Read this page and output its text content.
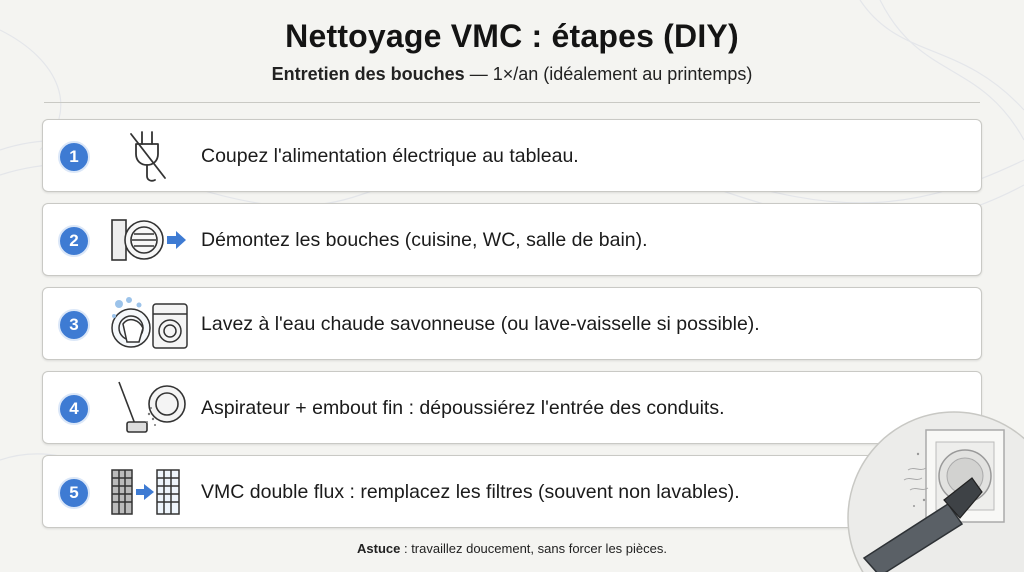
Nettoyage VMC : étapes (DIY)
Entretien des bouches — 1×/an (idéalement au printemps)
1	Coupez l'alimentation électrique au tableau.
2	Démontez les bouches (cuisine, WC, salle de bain).
3	Lavez à l'eau chaude savonneuse (ou lave-vaisselle si possible).
4	Aspirateur + embout fin : dépoussiérez l'entrée des conduits.
5	VMC double flux : remplacez les filtres (souvent non lavables).
Astuce : travaillez doucement, sans forcer les pièces.
